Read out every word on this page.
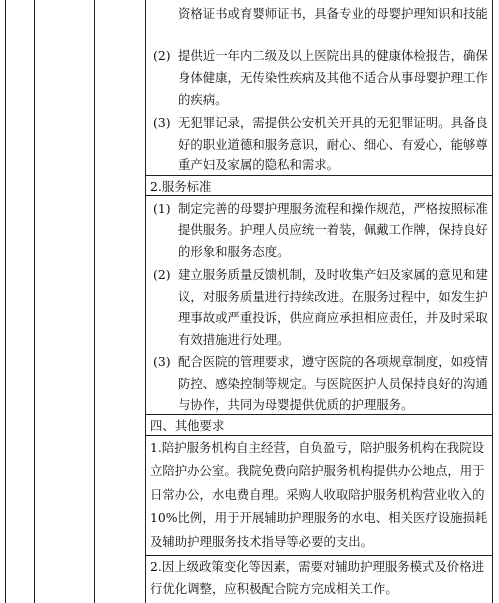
资格证书或育婴师证书，具备专业的母婴护理知识和技能
(2) 提供近一年内二级及以上医院出具的健康体检报告，确保
身体健康，无传染性疾病及其他不适合从事母婴护理工作
的疾病。
(3) 无犯罪记录，需提供公安机关开具的无犯罪证明。具备良
好的职业道德和服务意识，耐心、细心、有爱心，能够尊
重产妇及家属的隐私和需求。
2.服务标准
(1) 制定完善的母婴护理服务流程和操作规范，严格按照标准
提供服务。护理人员应统一着装，佩戴工作牌，保持良好
的形象和服务态度。
(2) 建立服务质量反馈机制，及时收集产妇及家属的意见和建
议，对服务质量进行持续改进。在服务过程中，如发生护
理事故或严重投诉，供应商应承担相应责任，并及时采取
有效措施进行处理。
(3) 配合医院的管理要求，遵守医院的各项规章制度，如疫情
防控、感染控制等规定。与医院医护人员保持良好的沟通
与协作，共同为母婴提供优质的护理服务。
四、其他要求
1.陪护服务机构自主经营，自负盈亏，陪护服务机构在我院设
立陪护办公室。我院免费向陪护服务机构提供办公地点，用于
日常办公，水电费自理。采购人收取陪护服务机构营业收入的
10%比例，用于开展辅助护理服务的水电、相关医疗设施损耗
及辅助护理服务技术指导等必要的支出。
2.因上级政策变化等因素，需要对辅助护理服务模式及价格进
行优化调整，应积极配合院方完成相关工作。
